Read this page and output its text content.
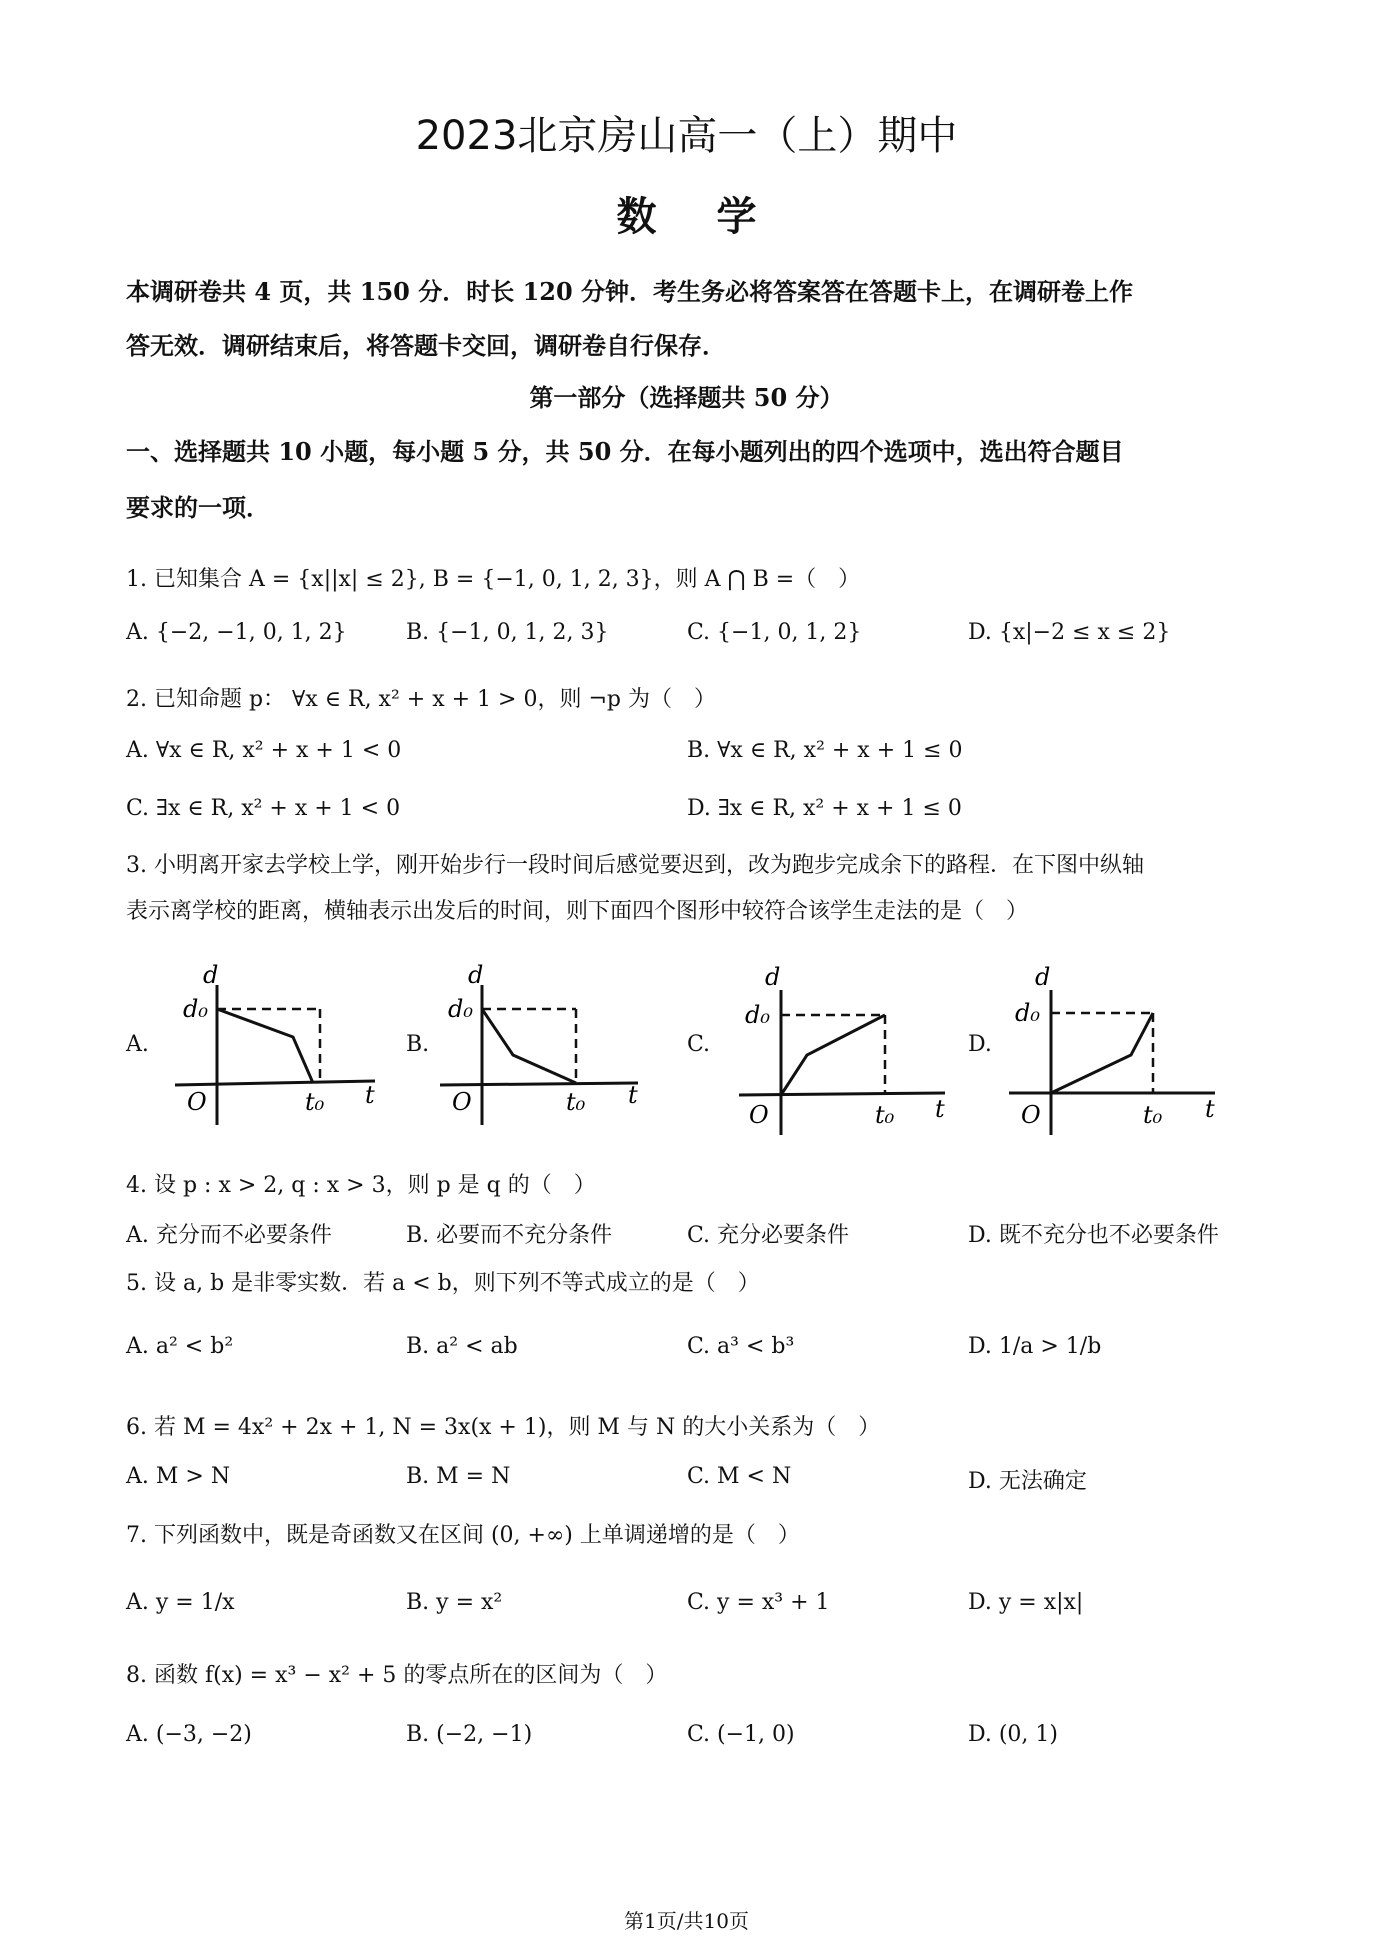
2023北京房山高一（上）期中
数学
本调研卷共 4 页，共 150 分．时长 120 分钟．考生务必将答案答在答题卡上，在调研卷上作
答无效．调研结束后，将答题卡交回，调研卷自行保存．
第一部分（选择题共 50 分）
一、选择题共 10 小题，每小题 5 分，共 50 分．在每小题列出的四个选项中，选出符合题目
要求的一项．
1. 已知集合 A = {x||x| ≤ 2}, B = {−1, 0, 1, 2, 3}，则 A ⋂ B =（　）
A. {−2, −1, 0, 1, 2}	B. {−1, 0, 1, 2, 3}	C. {−1, 0, 1, 2}	D. {x|−2 ≤ x ≤ 2}
2. 已知命题 p： ∀x ∈ R, x² + x + 1 > 0，则 ¬p 为（　）
A. ∀x ∈ R, x² + x + 1 < 0	B. ∀x ∈ R, x² + x + 1 ≤ 0
C. ∃x ∈ R, x² + x + 1 < 0	D. ∃x ∈ R, x² + x + 1 ≤ 0
3. 小明离开家去学校上学，刚开始步行一段时间后感觉要迟到，改为跑步完成余下的路程．在下图中纵轴
表示离学校的距离，横轴表示出发后的时间，则下面四个图形中较符合该学生走法的是（　）
A.	B.	C.	D.
d
d₀
O	t₀ t
d
d₀
O	t₀ t
d
d₀
O	t₀ t
d
d₀
O	t₀ t
4. 设 p : x > 2, q : x > 3，则 p 是 q 的（　）
A. 充分而不必要条件	B. 必要而不充分条件	C. 充分必要条件	D. 既不充分也不必要条件
5. 设 a, b 是非零实数．若 a < b，则下列不等式成立的是（　）
A. a² < b²	B. a² < ab	C. a³ < b³	D. 1/a > 1/b
6. 若 M = 4x² + 2x + 1, N = 3x(x + 1)，则 M 与 N 的大小关系为（　）
A. M > N	B. M = N	C. M < N	D. 无法确定
7. 下列函数中，既是奇函数又在区间 (0, +∞) 上单调递增的是（　）
A. y = 1/x	B. y = x²	C. y = x³ + 1	D. y = x|x|
8. 函数 f(x) = x³ − x² + 5 的零点所在的区间为（　）
A. (−3, −2)	B. (−2, −1)	C. (−1, 0)	D. (0, 1)
第1页/共10页
